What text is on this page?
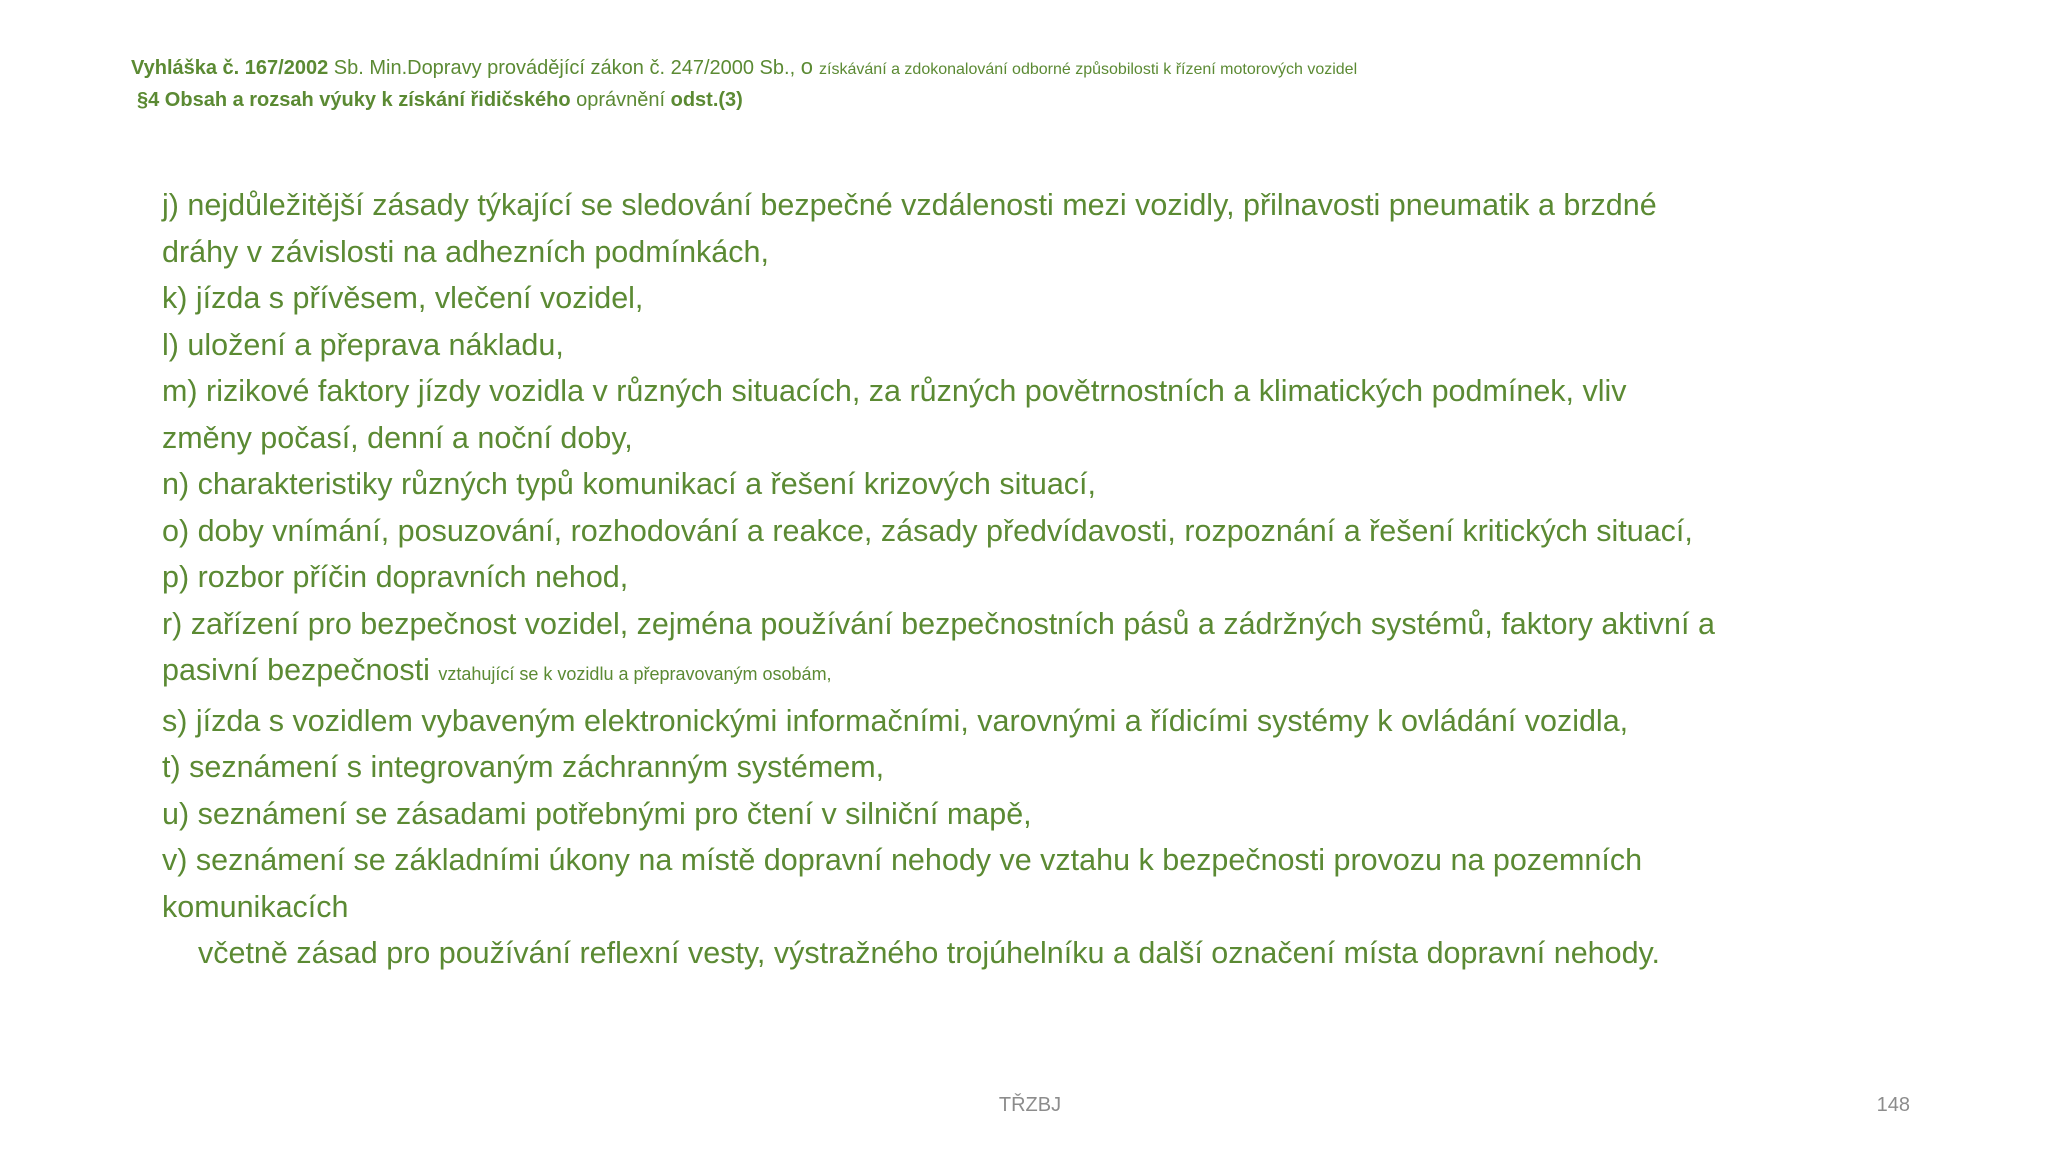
Vyhláška č. 167/2002 Sb. Min.Dopravy provádějící zákon č. 247/2000 Sb., o získávání a zdokonalování odborné způsobilosti k řízení motorových vozidel
§4 Obsah a rozsah výuky k získání řidičského oprávnění odst.(3)
j) nejdůležitější zásady týkající se sledování bezpečné vzdálenosti mezi vozidly, přilnavosti pneumatik a brzdné
dráhy v závislosti na adhezních podmínkách,
k) jízda s přívěsem, vlečení vozidel,
l) uložení a přeprava nákladu,
m) rizikové faktory jízdy vozidla v různých situacích, za různých povětrnostních a klimatických podmínek, vliv
změny počasí, denní a noční doby,
n) charakteristiky různých typů komunikací a řešení krizových situací,
o) doby vnímání, posuzování, rozhodování a reakce, zásady předvídavosti, rozpoznání a řešení kritických situací,
p) rozbor příčin dopravních nehod,
r) zařízení pro bezpečnost vozidel, zejména používání bezpečnostních pásů a zádržných systémů, faktory aktivní a
pasivní bezpečnosti vztahující se k vozidlu a přepravovaným osobám,
s) jízda s vozidlem vybaveným elektronickými informačními, varovnými a řídicími systémy k ovládání vozidla,
t) seznámení s integrovaným záchranným systémem,
u) seznámení se zásadami potřebnými pro čtení v silniční mapě,
v) seznámení se základními úkony na místě dopravní nehody ve vztahu k bezpečnosti provozu na pozemních
komunikacích
včetně zásad pro používání reflexní vesty, výstražného trojúhelníku a další označení místa dopravní nehody.
TŘZBJ	148
